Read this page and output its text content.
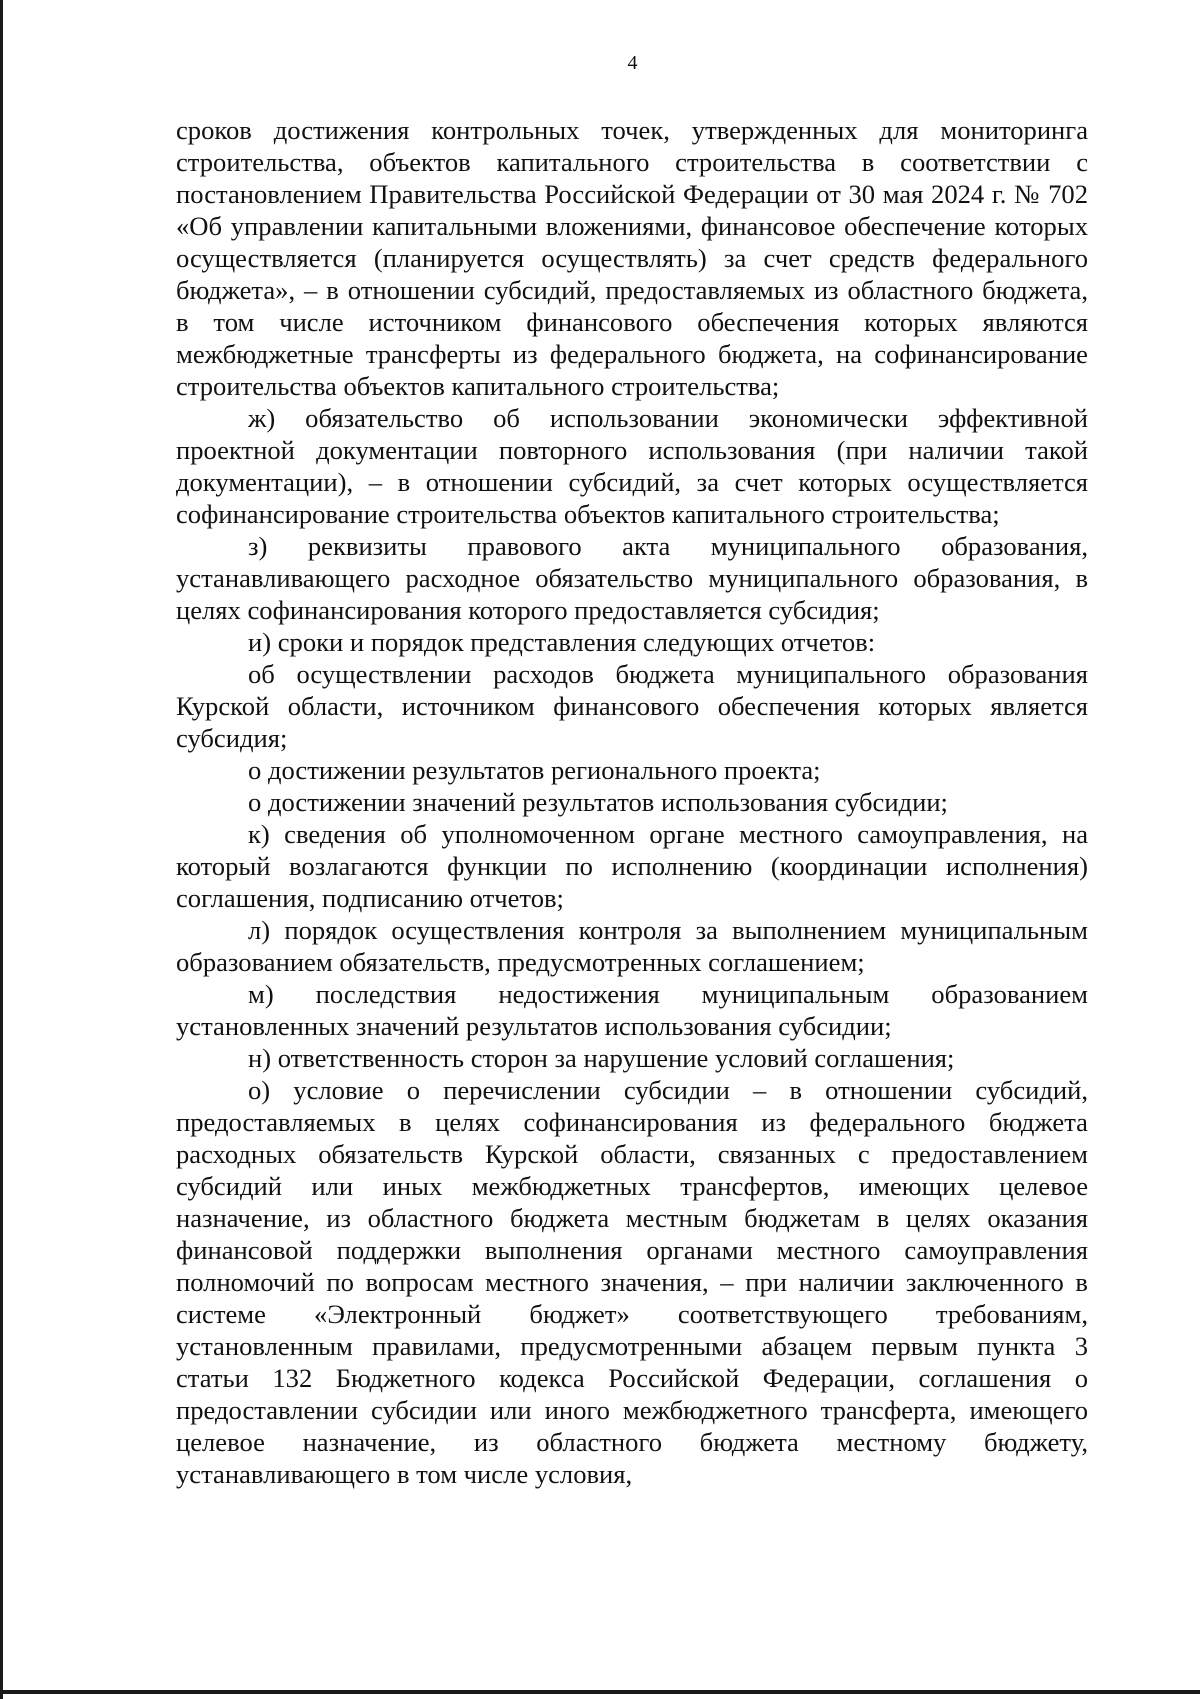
4

сроков достижения контрольных точек, утвержденных для мониторинга строительства, объектов капитального строительства в соответствии с постановлением Правительства Российской Федерации от 30 мая 2024 г. № 702 «Об управлении капитальными вложениями, финансовое обеспечение которых осуществляется (планируется осуществлять) за счет средств федерального бюджета», – в отношении субсидий, предоставляемых из областного бюджета, в том числе источником финансового обеспечения которых являются межбюджетные трансферты из федерального бюджета, на софинансирование строительства объектов капитального строительства;

ж) обязательство об использовании экономически эффективной проектной документации повторного использования (при наличии такой документации), – в отношении субсидий, за счет которых осуществляется софинансирование строительства объектов капитального строительства;

з) реквизиты правового акта муниципального образования, устанавливающего расходное обязательство муниципального образования, в целях софинансирования которого предоставляется субсидия;

и) сроки и порядок представления следующих отчетов:

об осуществлении расходов бюджета муниципального образования Курской области, источником финансового обеспечения которых является субсидия;

о достижении результатов регионального проекта;

о достижении значений результатов использования субсидии;

к) сведения об уполномоченном органе местного самоуправления, на который возлагаются функции по исполнению (координации исполнения) соглашения, подписанию отчетов;

л) порядок осуществления контроля за выполнением муниципальным образованием обязательств, предусмотренных соглашением;

м) последствия недостижения муниципальным образованием установленных значений результатов использования субсидии;

н) ответственность сторон за нарушение условий соглашения;

о) условие о перечислении субсидии – в отношении субсидий, предоставляемых в целях софинансирования из федерального бюджета расходных обязательств Курской области, связанных с предоставлением субсидий или иных межбюджетных трансфертов, имеющих целевое назначение, из областного бюджета местным бюджетам в целях оказания финансовой поддержки выполнения органами местного самоуправления полномочий по вопросам местного значения, – при наличии заключенного в системе «Электронный бюджет» соответствующего требованиям, установленным правилами, предусмотренными абзацем первым пункта 3 статьи 132 Бюджетного кодекса Российской Федерации, соглашения о предоставлении субсидии или иного межбюджетного трансферта, имеющего целевое назначение, из областного бюджета местному бюджету, устанавливающего в том числе условия,
